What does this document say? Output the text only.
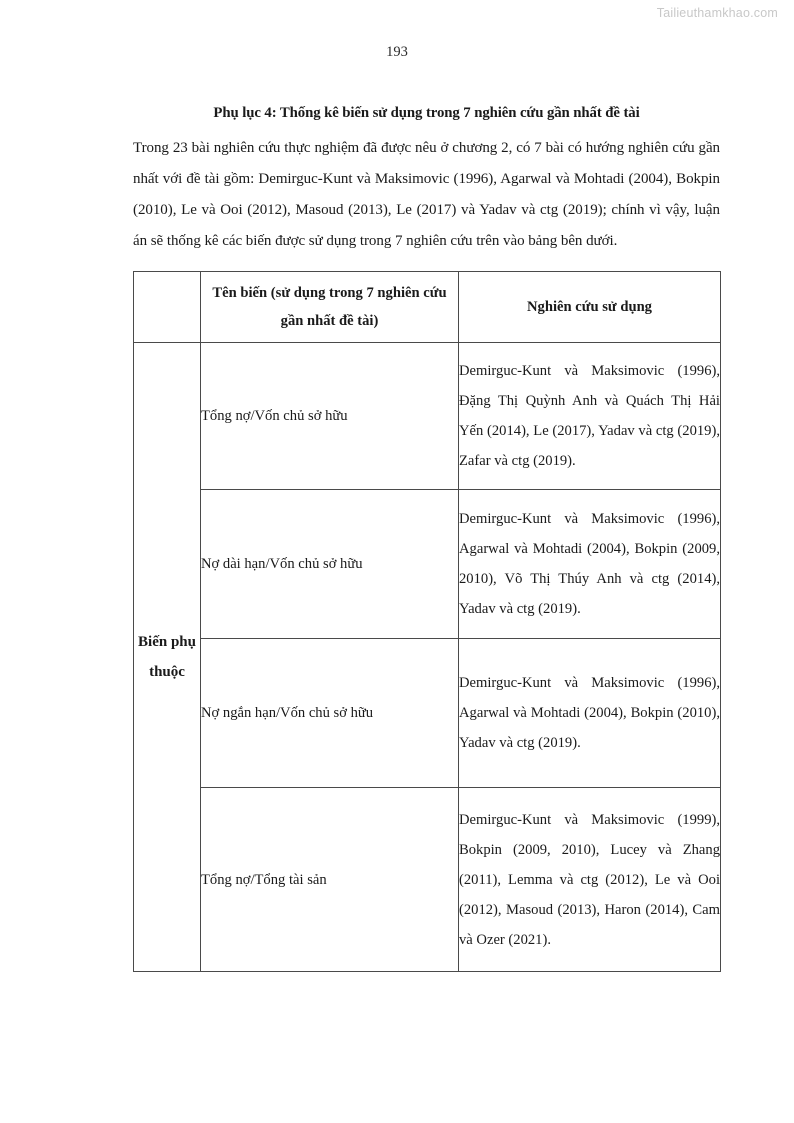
Tailieuthamkhao.com
193
Phụ lục 4: Thống kê biến sử dụng trong 7 nghiên cứu gần nhất đề tài

Trong 23 bài nghiên cứu thực nghiệm đã được nêu ở chương 2, có 7 bài có hướng nghiên cứu gần nhất với đề tài gồm: Demirguc-Kunt và Maksimovic (1996), Agarwal và Mohtadi (2004), Bokpin (2010), Le và Ooi (2012), Masoud (2013), Le (2017) và Yadav và ctg (2019); chính vì vậy, luận án sẽ thống kê các biến được sử dụng trong 7 nghiên cứu trên vào bảng bên dưới.

	Tên biến (sử dụng trong 7 nghiên cứu gần nhất đề tài)	Nghiên cứu sử dụng
Biến phụ thuộc	Tổng nợ/Vốn chủ sở hữu	Demirguc-Kunt và Maksimovic (1996), Đặng Thị Quỳnh Anh và Quách Thị Hải Yến (2014), Le (2017), Yadav và ctg (2019), Zafar và ctg (2019).
	Nợ dài hạn/Vốn chủ sở hữu	Demirguc-Kunt và Maksimovic (1996), Agarwal và Mohtadi (2004), Bokpin (2009, 2010), Võ Thị Thúy Anh và ctg (2014), Yadav và ctg (2019).
	Nợ ngắn hạn/Vốn chủ sở hữu	Demirguc-Kunt và Maksimovic (1996), Agarwal và Mohtadi (2004), Bokpin (2010), Yadav và ctg (2019).
	Tổng nợ/Tổng tài sản	Demirguc-Kunt và Maksimovic (1999), Bokpin (2009, 2010), Lucey và Zhang (2011), Lemma và ctg (2012), Le và Ooi (2012), Masoud (2013), Haron (2014), Cam và Ozer (2021).
